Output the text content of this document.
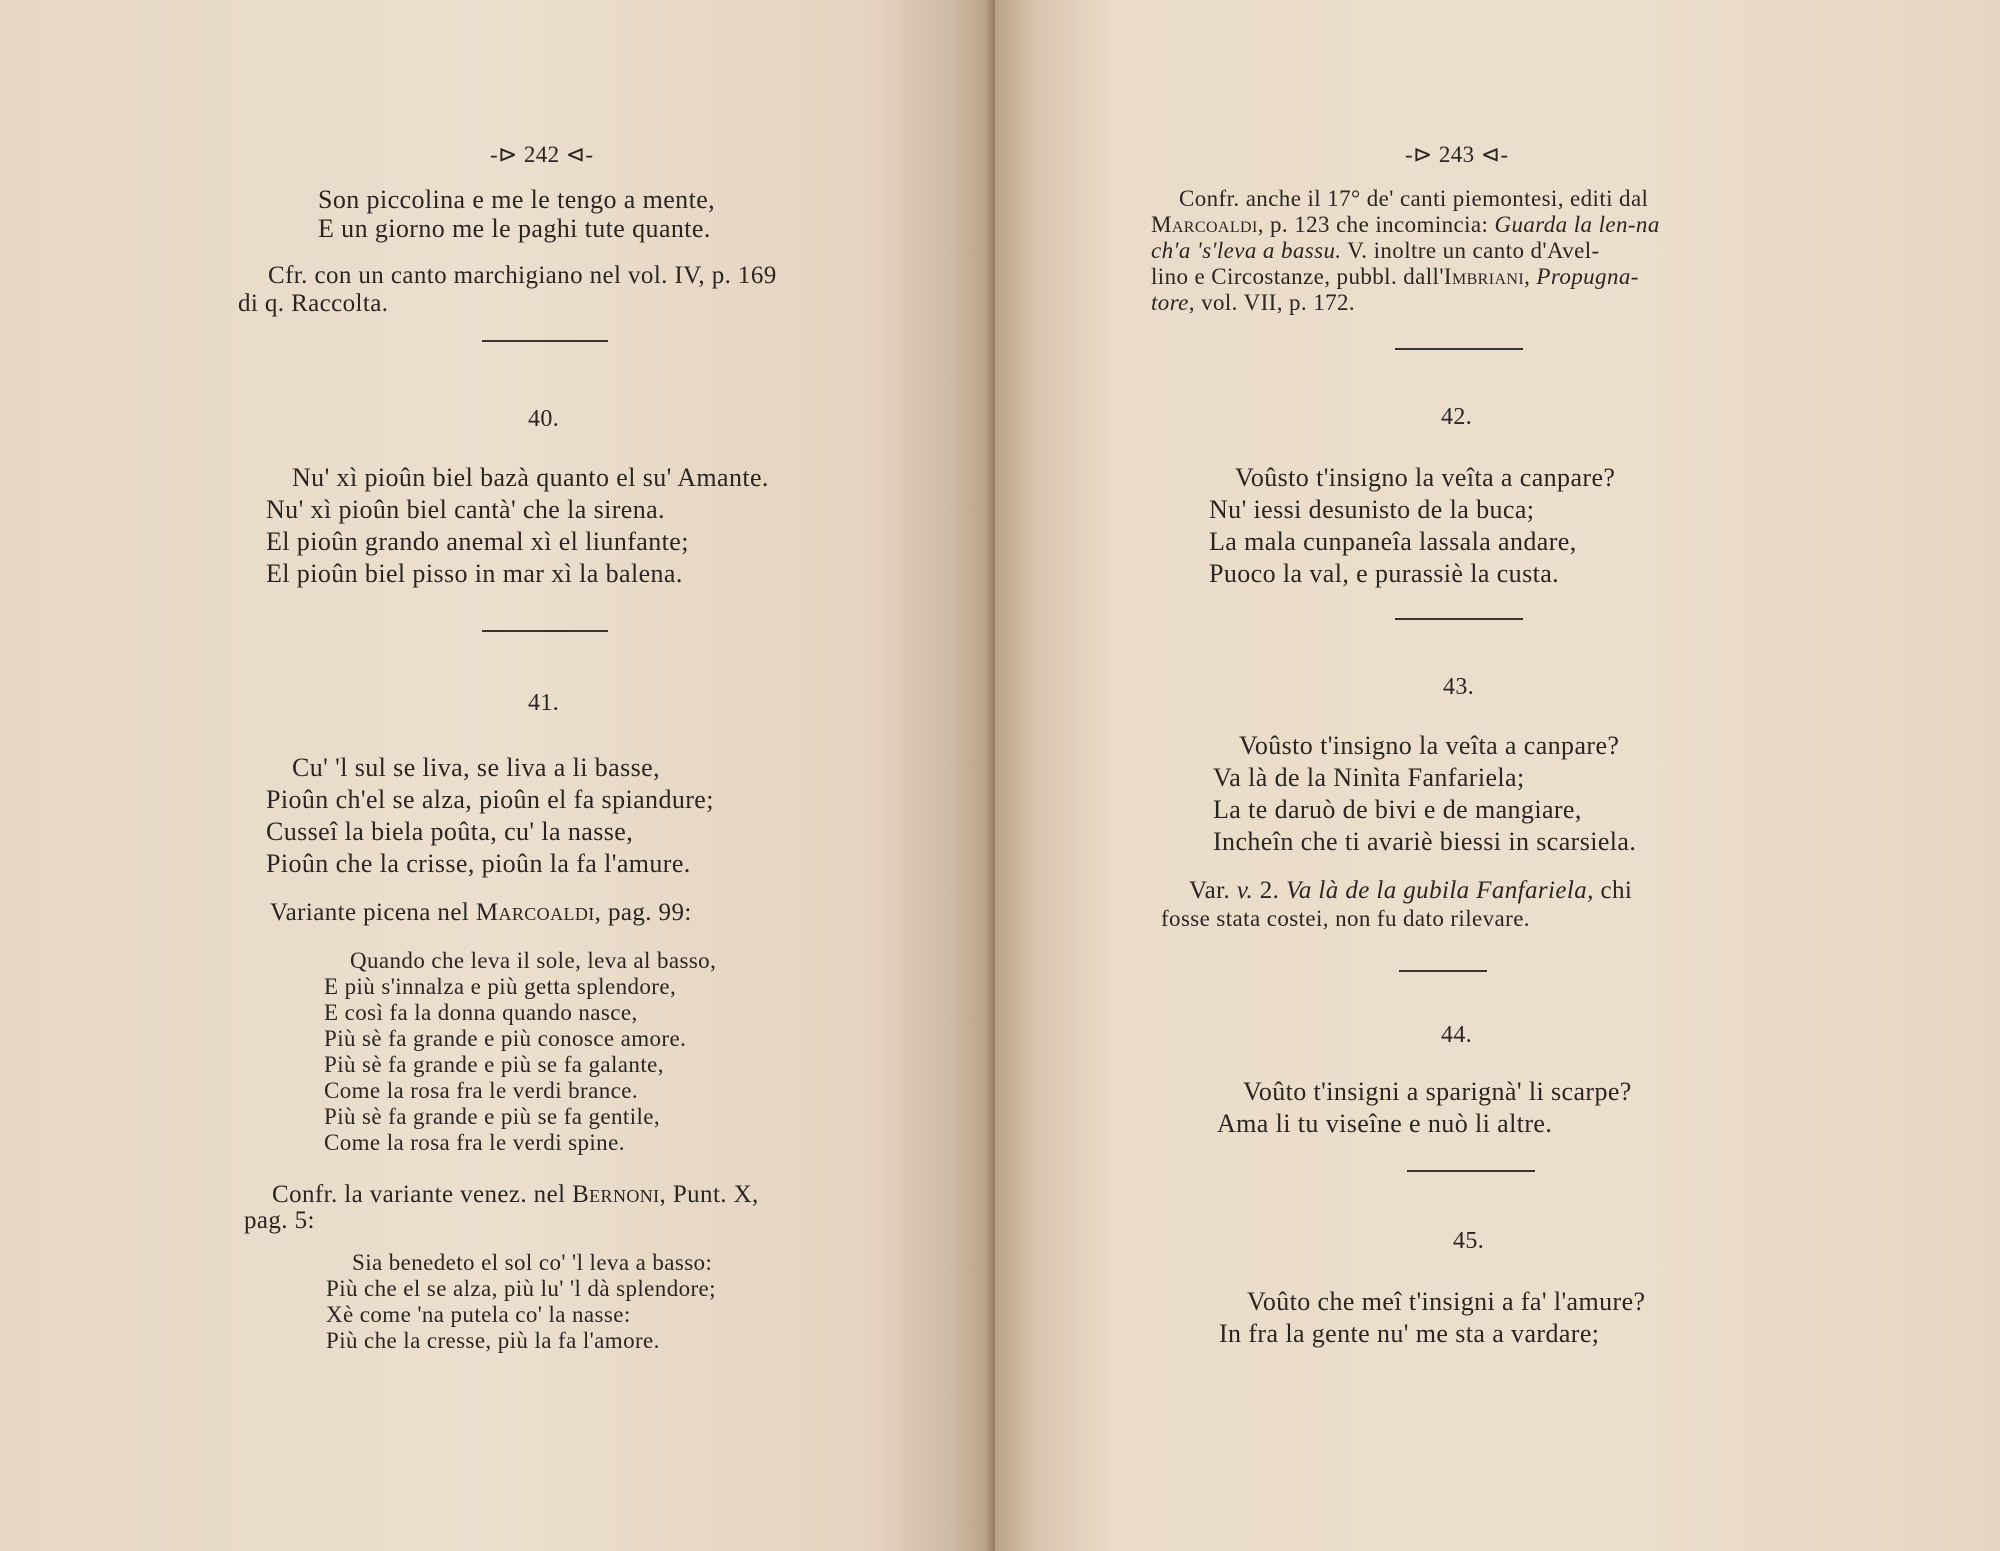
-⊳ 242 ⊲-
Son piccolina e me le tengo a mente,
E un giorno me le paghi tute quante.
Cfr. con un canto marchigiano nel vol. IV, p. 169
di q. Raccolta.
40.
Nu' xì pioûn biel bazà quanto el su' Amante.
Nu' xì pioûn biel cantà' che la sirena.
El pioûn grando anemal xì el liunfante;
El pioûn biel pisso in mar xì la balena.
41.
Cu' 'l sul se liva, se liva a li basse,
Pioûn ch'el se alza, pioûn el fa spiandure;
Cusseî la biela poûta, cu' la nasse,
Pioûn che la crisse, pioûn la fa l'amure.
Variante picena nel Marcoaldi, pag. 99:
Quando che leva il sole, leva al basso,
E più s'innalza e più getta splendore,
E così fa la donna quando nasce,
Più sè fa grande e più conosce amore.
Più sè fa grande e più se fa galante,
Come la rosa fra le verdi brance.
Più sè fa grande e più se fa gentile,
Come la rosa fra le verdi spine.
Confr. la variante venez. nel Bernoni, Punt. X,
pag. 5:
Sia benedeto el sol co' 'l leva a basso:
Più che el se alza, più lu' 'l dà splendore;
Xè come 'na putela co' la nasse:
Più che la cresse, più la fa l'amore.
-⊳ 243 ⊲-
Confr. anche il 17° de' canti piemontesi, editi dal
Marcoaldi, p. 123 che incomincia: Guarda la len-na
ch'a 's'leva a bassu. V. inoltre un canto d'Avel-
lino e Circostanze, pubbl. dall'Imbriani, Propugna-
tore, vol. VII, p. 172.
42.
Voûsto t'insigno la veîta a canpare?
Nu' iessi desunisto de la buca;
La mala cunpaneîa lassala andare,
Puoco la val, e purassiè la custa.
43.
Voûsto t'insigno la veîta a canpare?
Va là de la Ninìta Fanfariela;
La te daruò de bivi e de mangiare,
Incheîn che ti avariè biessi in scarsiela.
Var. v. 2. Va là de la gubila Fanfariela, chi
fosse stata costei, non fu dato rilevare.
44.
Voûto t'insigni a sparignà' li scarpe?
Ama li tu viseîne e nuò li altre.
45.
Voûto che meî t'insigni a fa' l'amure?
In fra la gente nu' me sta a vardare;
